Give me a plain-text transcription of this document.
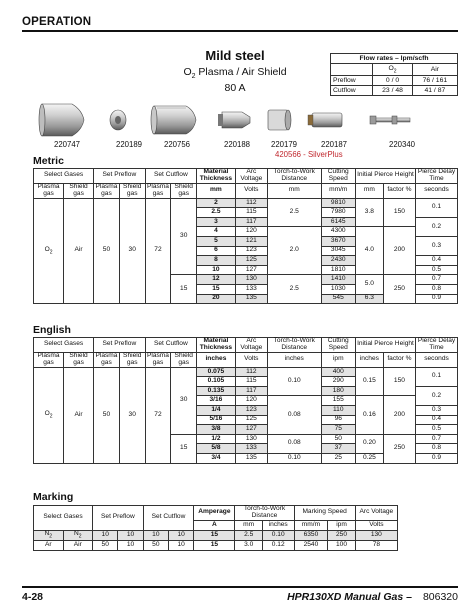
OPERATION
Mild steel
$O_2$ Plasma / Air Shield
80 A
Flow rates – lpm/scfh		
	$O_2$	Air
Preflow	0 / 0	76 / 161
Cutflow	23 / 48	41 / 87
220747	220189	220756	220188	220179	220187	220340
420566 - SilverPlus
Metric
Select Gases		Set Preflow		Set Cutflow		Material Thickness	Arc Voltage	Torch-to-Work Distance	Cutting Speed	Initial Pierce Height		Pierce Delay Time
Plasma gas	Shield gas	Plasma gas	Shield gas	Plasma gas	Shield gas	mm	Volts	mm	mm/m	mm	factor %	seconds
$O_2$	Air	50	30	72	30	2	112	2.5	9810	3.8	150	0.1
						2.5	115		7980			
						3	117		6145			0.2
						4	120	2.0	4300	4.0	200	
						5	121		3670			0.3
						6	123		3045			
						8	125		2430			0.4
						10	127		1810			0.5
					15	12	130	2.5	1410	5.0	250	0.7
						15	133		1030			0.8
						20	135		545	6.3		0.9
English
Select Gases		Set Preflow		Set Cutflow		Material Thickness	Arc Voltage	Torch-to-Work Distance	Cutting Speed	Initial Pierce Height		Pierce Delay Time
Plasma gas	Shield gas	Plasma gas	Shield gas	Plasma gas	Shield gas	inches	Volts	inches	ipm	inches	factor %	seconds
$O_2$	Air	50	30	72	30	0.075	112	0.10	400	0.15	150	0.1
						0.105	115		290			
						0.135	117		180			0.2
						3/16	120	0.08	155	0.16	200	
						1/4	123		110			0.3
						5/16	125		96			0.4
						3/8	127		75			0.5
					15	1/2	130	0.08	50	0.20	250	0.7
						5/8	133		37			0.8
						3/4	135	0.10	25	0.25		0.9
Marking
Select Gases		Set Preflow		Set Cutflow		Amperage	Torch-to-Work Distance		Marking Speed		Arc Voltage
						A	mm	inches	mm/m	ipm	Volts
$N_2$	$N_2$	10	10	10	10	15	2.5	0.10	6350	250	130
Ar	Air	50	10	50	10	15	3.0	0.12	2540	100	78
4-28	HPR130XD Manual Gas – 806320
